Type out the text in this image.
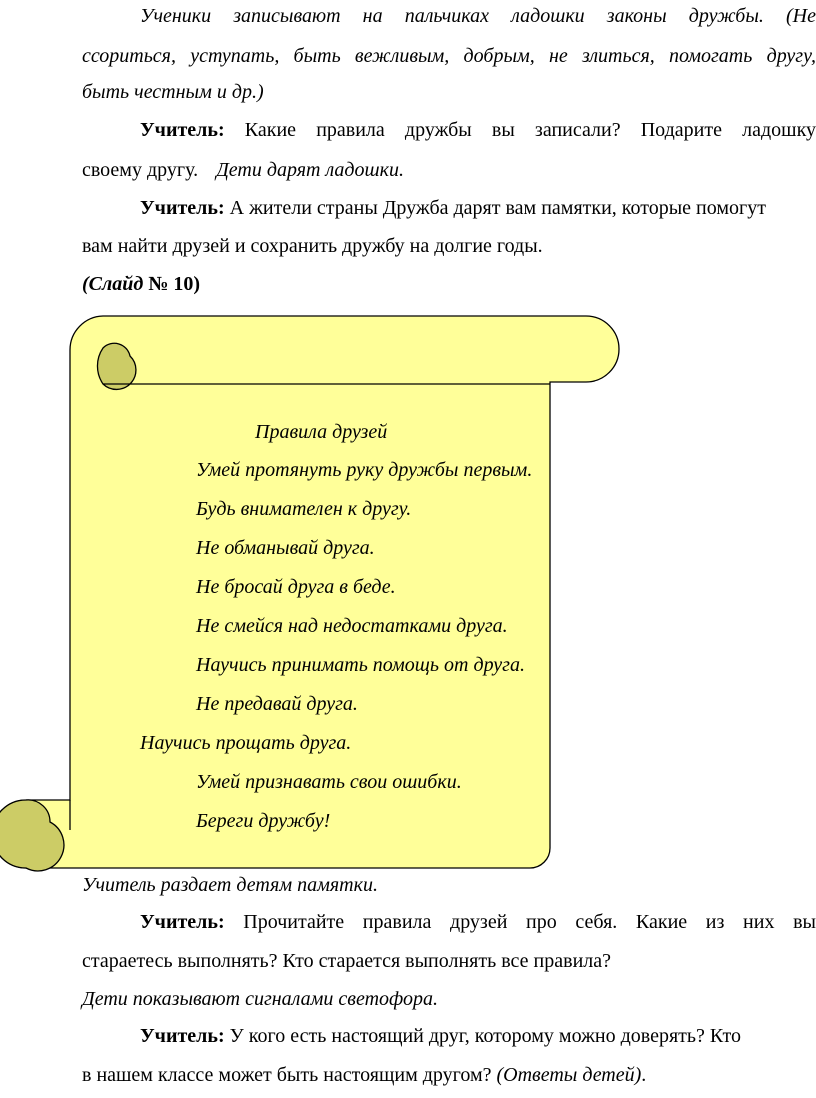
Ученики записывают на пальчиках ладошки законы дружбы. (Не
ссориться, уступать, быть вежливым, добрым, не злиться, помогать другу,
быть честным и др.)
Учитель: Какие правила дружбы вы записали? Подарите ладошку
своему другу. Дети дарят ладошки.
Учитель: А жители страны Дружба дарят вам памятки, которые помогут
вам найти друзей и сохранить дружбу на долгие годы.
(Слайд № 10)
Правила друзей
Умей протянуть руку дружбы первым.
Будь внимателен к другу.
Не обманывай друга.
Не бросай друга в беде.
Не смейся над недостатками друга.
Научись принимать помощь от друга.
Не предавай друга.
Научись прощать друга.
Умей признавать свои ошибки.
Береги дружбу!
Учитель раздает детям памятки.
Учитель: Прочитайте правила друзей про себя. Какие из них вы
стараетесь выполнять? Кто старается выполнять все правила?
Дети показывают сигналами светофора.
Учитель: У кого есть настоящий друг, которому можно доверять? Кто
в нашем классе может быть настоящим другом? (Ответы детей).
